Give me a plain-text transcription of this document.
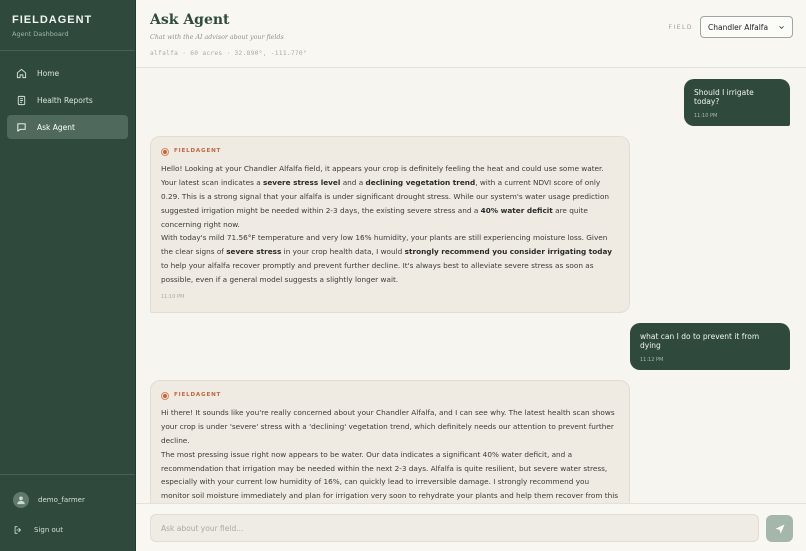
FIELDAGENT
Agent Dashboard
Home
Health Reports
Ask Agent
demo_farmer
Sign out
Ask Agent
Chat with the AI advisor about your fields
alfalfa · 60 acres · 32.890°, -111.770°
FIELD Chandler Alfalfa
Should I irrigate today?
11:10 PM
FIELDAGENT

Hello! Looking at your Chandler Alfalfa field, it appears your crop is definitely feeling the heat and could use some water. Your latest scan indicates a severe stress level and a declining vegetation trend, with a current NDVI score of only 0.29. This is a strong signal that your alfalfa is under significant drought stress. While our system's water usage prediction suggested irrigation might be needed within 2-3 days, the existing severe stress and a 40% water deficit are quite concerning right now.

With today's mild 71.56°F temperature and very low 16% humidity, your plants are still experiencing moisture loss. Given the clear signs of severe stress in your crop health data, I would strongly recommend you consider irrigating today to help your alfalfa recover promptly and prevent further decline. It's always best to alleviate severe stress as soon as possible, even if a general model suggests a slightly longer wait.

11:10 PM
what can I do to prevent it from dying
11:12 PM
FIELDAGENT

Hi there! It sounds like you're really concerned about your Chandler Alfalfa, and I can see why. The latest health scan shows your crop is under 'severe' stress with a 'declining' vegetation trend, which definitely needs our attention to prevent further decline.

The most pressing issue right now appears to be water. Our data indicates a significant 40% water deficit, and a recommendation that irrigation may be needed within the next 2-3 days. Alfalfa is quite resilient, but severe water stress, especially with your current low humidity of 16%, can quickly lead to irreversible damage. I strongly recommend you monitor soil moisture immediately and plan for irrigation very soon to rehydrate your plants and help them recover from this

Ask about your field...
